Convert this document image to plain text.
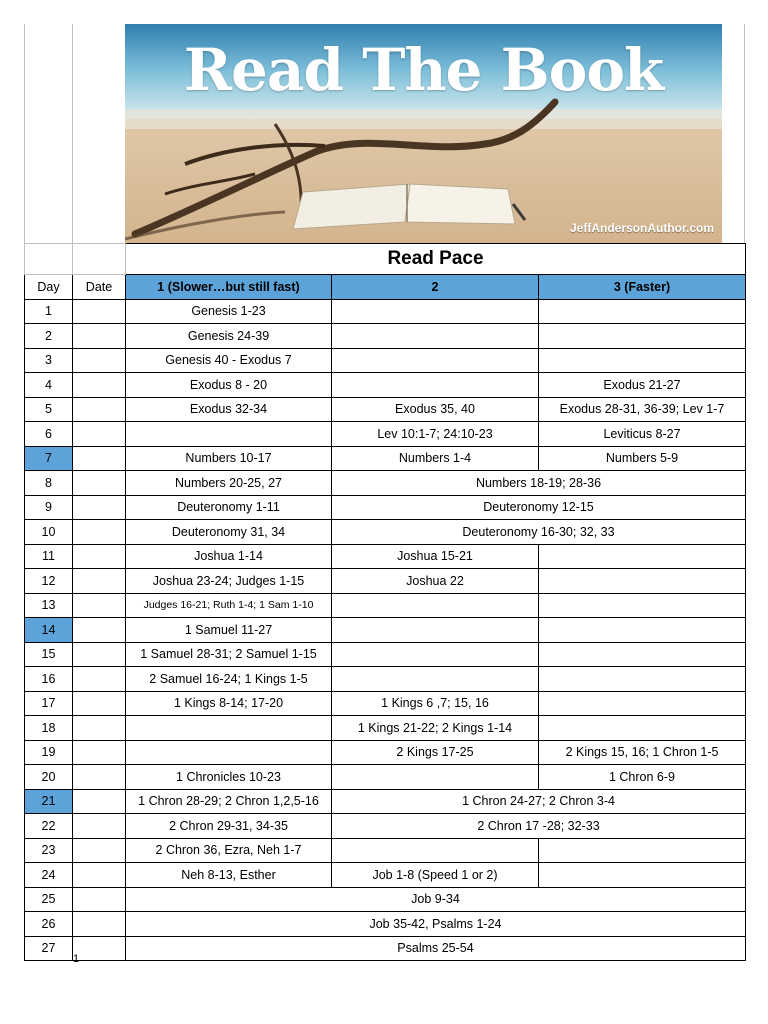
Read The Book
JeffAndersonAuthor.com
		Read Pace		
Day	Date	1 (Slower…but still fast)	2	3 (Faster)
1		Genesis 1-23		
2		Genesis 24-39		
3		Genesis 40 - Exodus 7		
4		Exodus 8 - 20		Exodus 21-27
5		Exodus 32-34	Exodus 35, 40	Exodus 28-31, 36-39; Lev 1-7
6			Lev 10:1-7; 24:10-23	Leviticus 8-27
7		Numbers 10-17	Numbers 1-4	Numbers 5-9
8		Numbers 20-25, 27	Numbers 18-19; 28-36	
9		Deuteronomy 1-11	Deuteronomy 12-15	
10		Deuteronomy 31, 34	Deuteronomy 16-30; 32, 33	
11		Joshua 1-14	Joshua 15-21	
12		Joshua 23-24; Judges 1-15	Joshua 22	
13		Judges 16-21; Ruth 1-4; 1 Sam 1-10		
14		1 Samuel 11-27		
15		1 Samuel 28-31; 2 Samuel 1-15		
16		2 Samuel 16-24; 1 Kings 1-5		
17		1 Kings 8-14; 17-20	1 Kings 6 ,7; 15, 16	
18			1 Kings 21-22; 2 Kings 1-14	
19			2 Kings 17-25	2 Kings 15, 16; 1 Chron 1-5
20		1 Chronicles 10-23		1 Chron 6-9
21		1 Chron 28-29; 2 Chron 1,2,5-16	1 Chron 24-27; 2 Chron 3-4	
22		2 Chron 29-31, 34-35	2 Chron 17 -28; 32-33	
23		2 Chron 36, Ezra, Neh 1-7		
24		Neh 8-13, Esther	Job 1-8 (Speed 1 or 2)	
25		Job 9-34		
26		Job 35-42, Psalms 1-24		
27		Psalms 25-54		
1
